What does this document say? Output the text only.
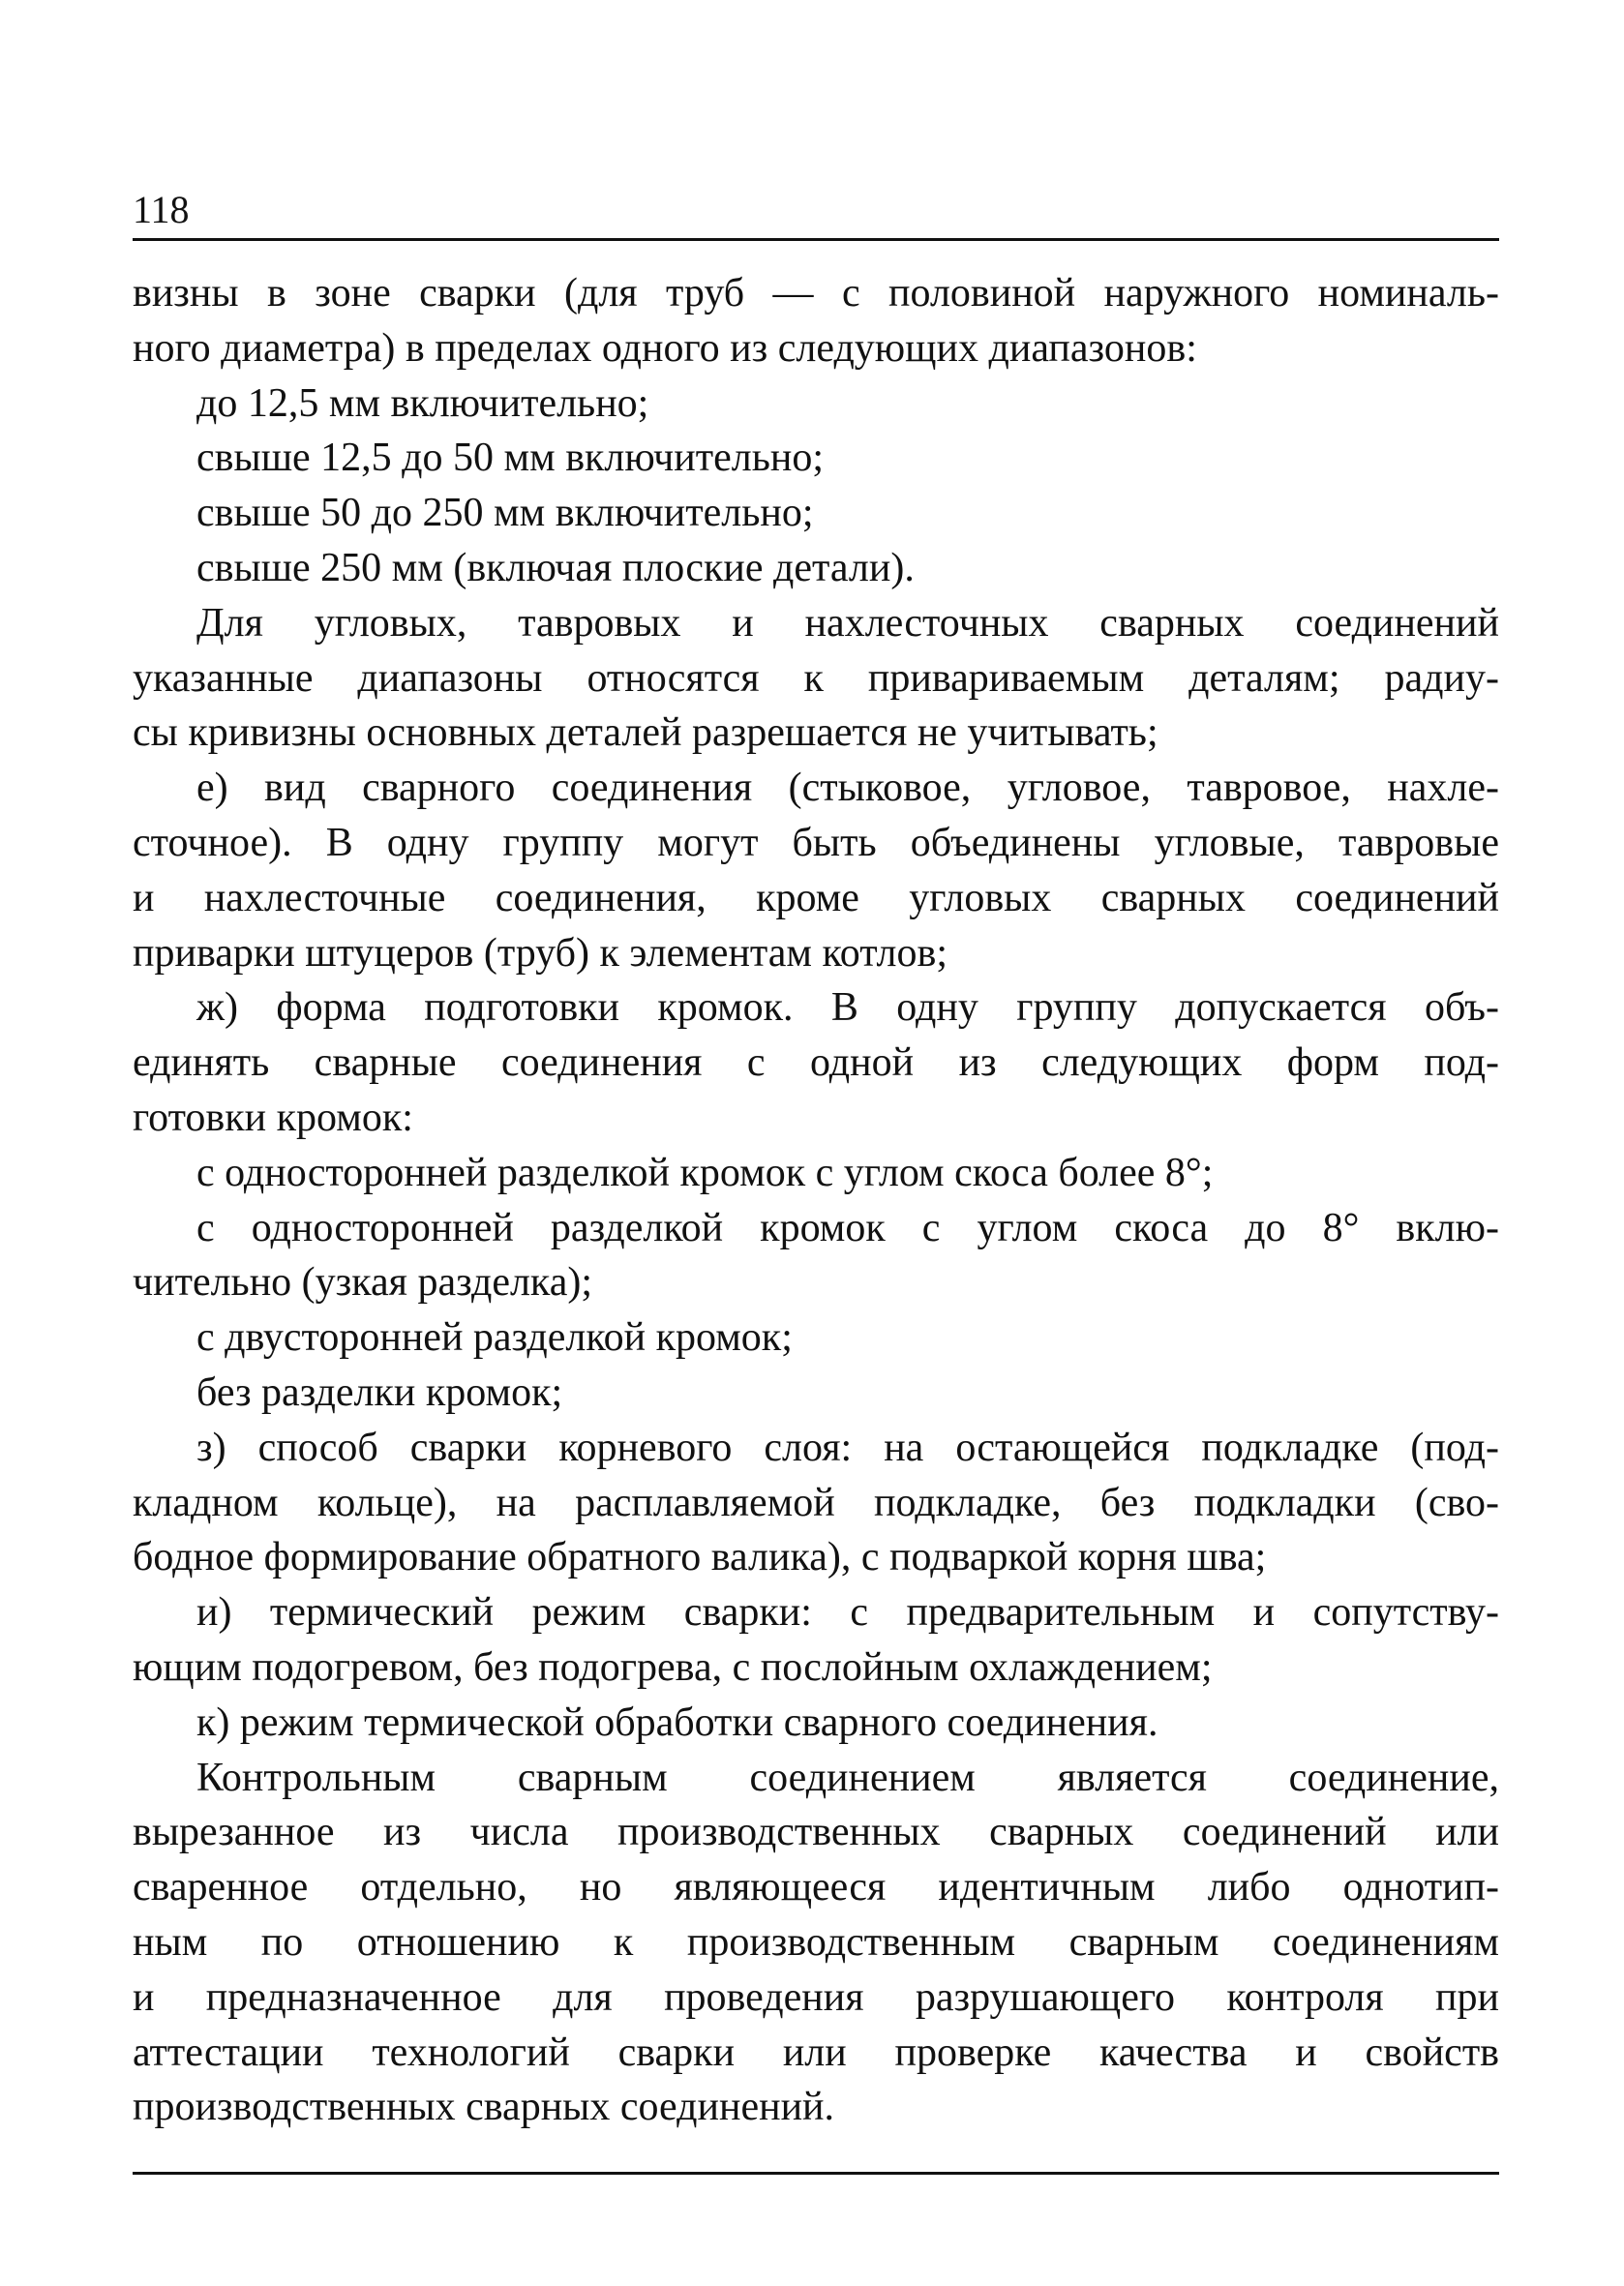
118
визны в зоне сварки (для труб — с половиной наружного номиналь-
ного диаметра) в пределах одного из следующих диапазонов:
до 12,5 мм включительно;
свыше 12,5 до 50 мм включительно;
свыше 50 до 250 мм включительно;
свыше 250 мм (включая плоские детали).
Для угловых, тавровых и нахлесточных сварных соединений
указанные диапазоны относятся к привариваемым деталям; радиу-
сы кривизны основных деталей разрешается не учитывать;
е) вид сварного соединения (стыковое, угловое, тавровое, нахле-
сточное). В одну группу могут быть объединены угловые, тавровые
и нахлесточные соединения, кроме угловых сварных соединений
приварки штуцеров (труб) к элементам котлов;
ж) форма подготовки кромок. В одну группу допускается объ-
единять сварные соединения с одной из следующих форм под-
готовки кромок:
с односторонней разделкой кромок с углом скоса более 8°;
с односторонней разделкой кромок с углом скоса до 8° вклю-
чительно (узкая разделка);
с двусторонней разделкой кромок;
без разделки кромок;
з) способ сварки корневого слоя: на остающейся подкладке (под-
кладном кольце), на расплавляемой подкладке, без подкладки (сво-
бодное формирование обратного валика), с подваркой корня шва;
и) термический режим сварки: с предварительным и сопутству-
ющим подогревом, без подогрева, с послойным охлаждением;
к) режим термической обработки сварного соединения.
Контрольным сварным соединением является соединение,
вырезанное из числа производственных сварных соединений или
сваренное отдельно, но являющееся идентичным либо однотип-
ным по отношению к производственным сварным соединениям
и предназначенное для проведения разрушающего контроля при
аттестации технологий сварки или проверке качества и свойств
производственных сварных соединений.
